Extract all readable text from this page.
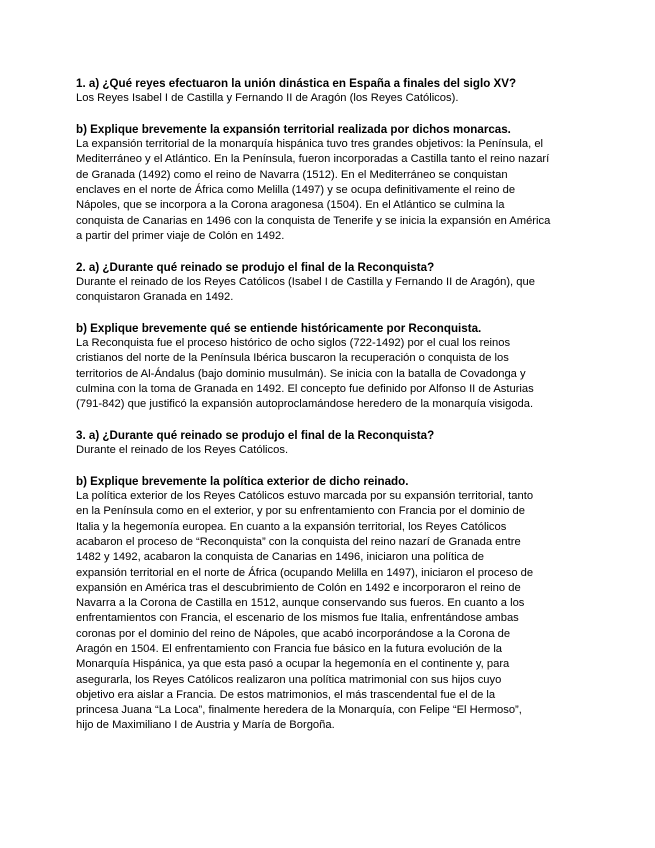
1. a) ¿Qué reyes efectuaron la unión dinástica en España a finales del siglo XV?

Los Reyes Isabel I de Castilla y Fernando II de Aragón (los Reyes Católicos).

b) Explique brevemente la expansión territorial realizada por dichos monarcas.

La expansión territorial de la monarquía hispánica tuvo tres grandes objetivos: la Península, el

Mediterráneo y el Atlántico. En la Península, fueron incorporadas a Castilla tanto el reino nazarí

de Granada (1492) como el reino de Navarra (1512). En el Mediterráneo se conquistan

enclaves en el norte de África como Melilla (1497) y se ocupa definitivamente el reino de

Nápoles, que se incorpora a la Corona aragonesa (1504). En el Atlántico se culmina la

conquista de Canarias en 1496 con la conquista de Tenerife y se inicia la expansión en América

a partir del primer viaje de Colón en 1492.

2. a) ¿Durante qué reinado se produjo el final de la Reconquista?

Durante el reinado de los Reyes Católicos (Isabel I de Castilla y Fernando II de Aragón), que

conquistaron Granada en 1492.

b) Explique brevemente qué se entiende históricamente por Reconquista.

La Reconquista fue el proceso histórico de ocho siglos (722-1492) por el cual los reinos

cristianos del norte de la Península Ibérica buscaron la recuperación o conquista de los

territorios de Al-Ándalus (bajo dominio musulmán). Se inicia con la batalla de Covadonga y

culmina con la toma de Granada en 1492. El concepto fue definido por Alfonso II de Asturias

(791-842) que justificó la expansión autoproclamándose heredero de la monarquía visigoda.

3. a) ¿Durante qué reinado se produjo el final de la Reconquista?

Durante el reinado de los Reyes Católicos.

b) Explique brevemente la política exterior de dicho reinado.

La política exterior de los Reyes Católicos estuvo marcada por su expansión territorial, tanto

en la Península como en el exterior, y por su enfrentamiento con Francia por el dominio de

Italia y la hegemonía europea. En cuanto a la expansión territorial, los Reyes Católicos

acabaron el proceso de “Reconquista” con la conquista del reino nazarí de Granada entre

1482 y 1492, acabaron la conquista de Canarias en 1496, iniciaron una política de

expansión territorial en el norte de África (ocupando Melilla en 1497), iniciaron el proceso de

expansión en América tras el descubrimiento de Colón en 1492 e incorporaron el reino de

Navarra a la Corona de Castilla en 1512, aunque conservando sus fueros. En cuanto a los

enfrentamientos con Francia, el escenario de los mismos fue Italia, enfrentándose ambas

coronas por el dominio del reino de Nápoles, que acabó incorporándose a la Corona de

Aragón en 1504. El enfrentamiento con Francia fue básico en la futura evolución de la

Monarquía Hispánica, ya que esta pasó a ocupar la hegemonía en el continente y, para

asegurarla, los Reyes Católicos realizaron una política matrimonial con sus hijos cuyo

objetivo era aislar a Francia. De estos matrimonios, el más trascendental fue el de la

princesa Juana “La Loca”, finalmente heredera de la Monarquía, con Felipe “El Hermoso”,

hijo de Maximiliano I de Austria y María de Borgoña.
